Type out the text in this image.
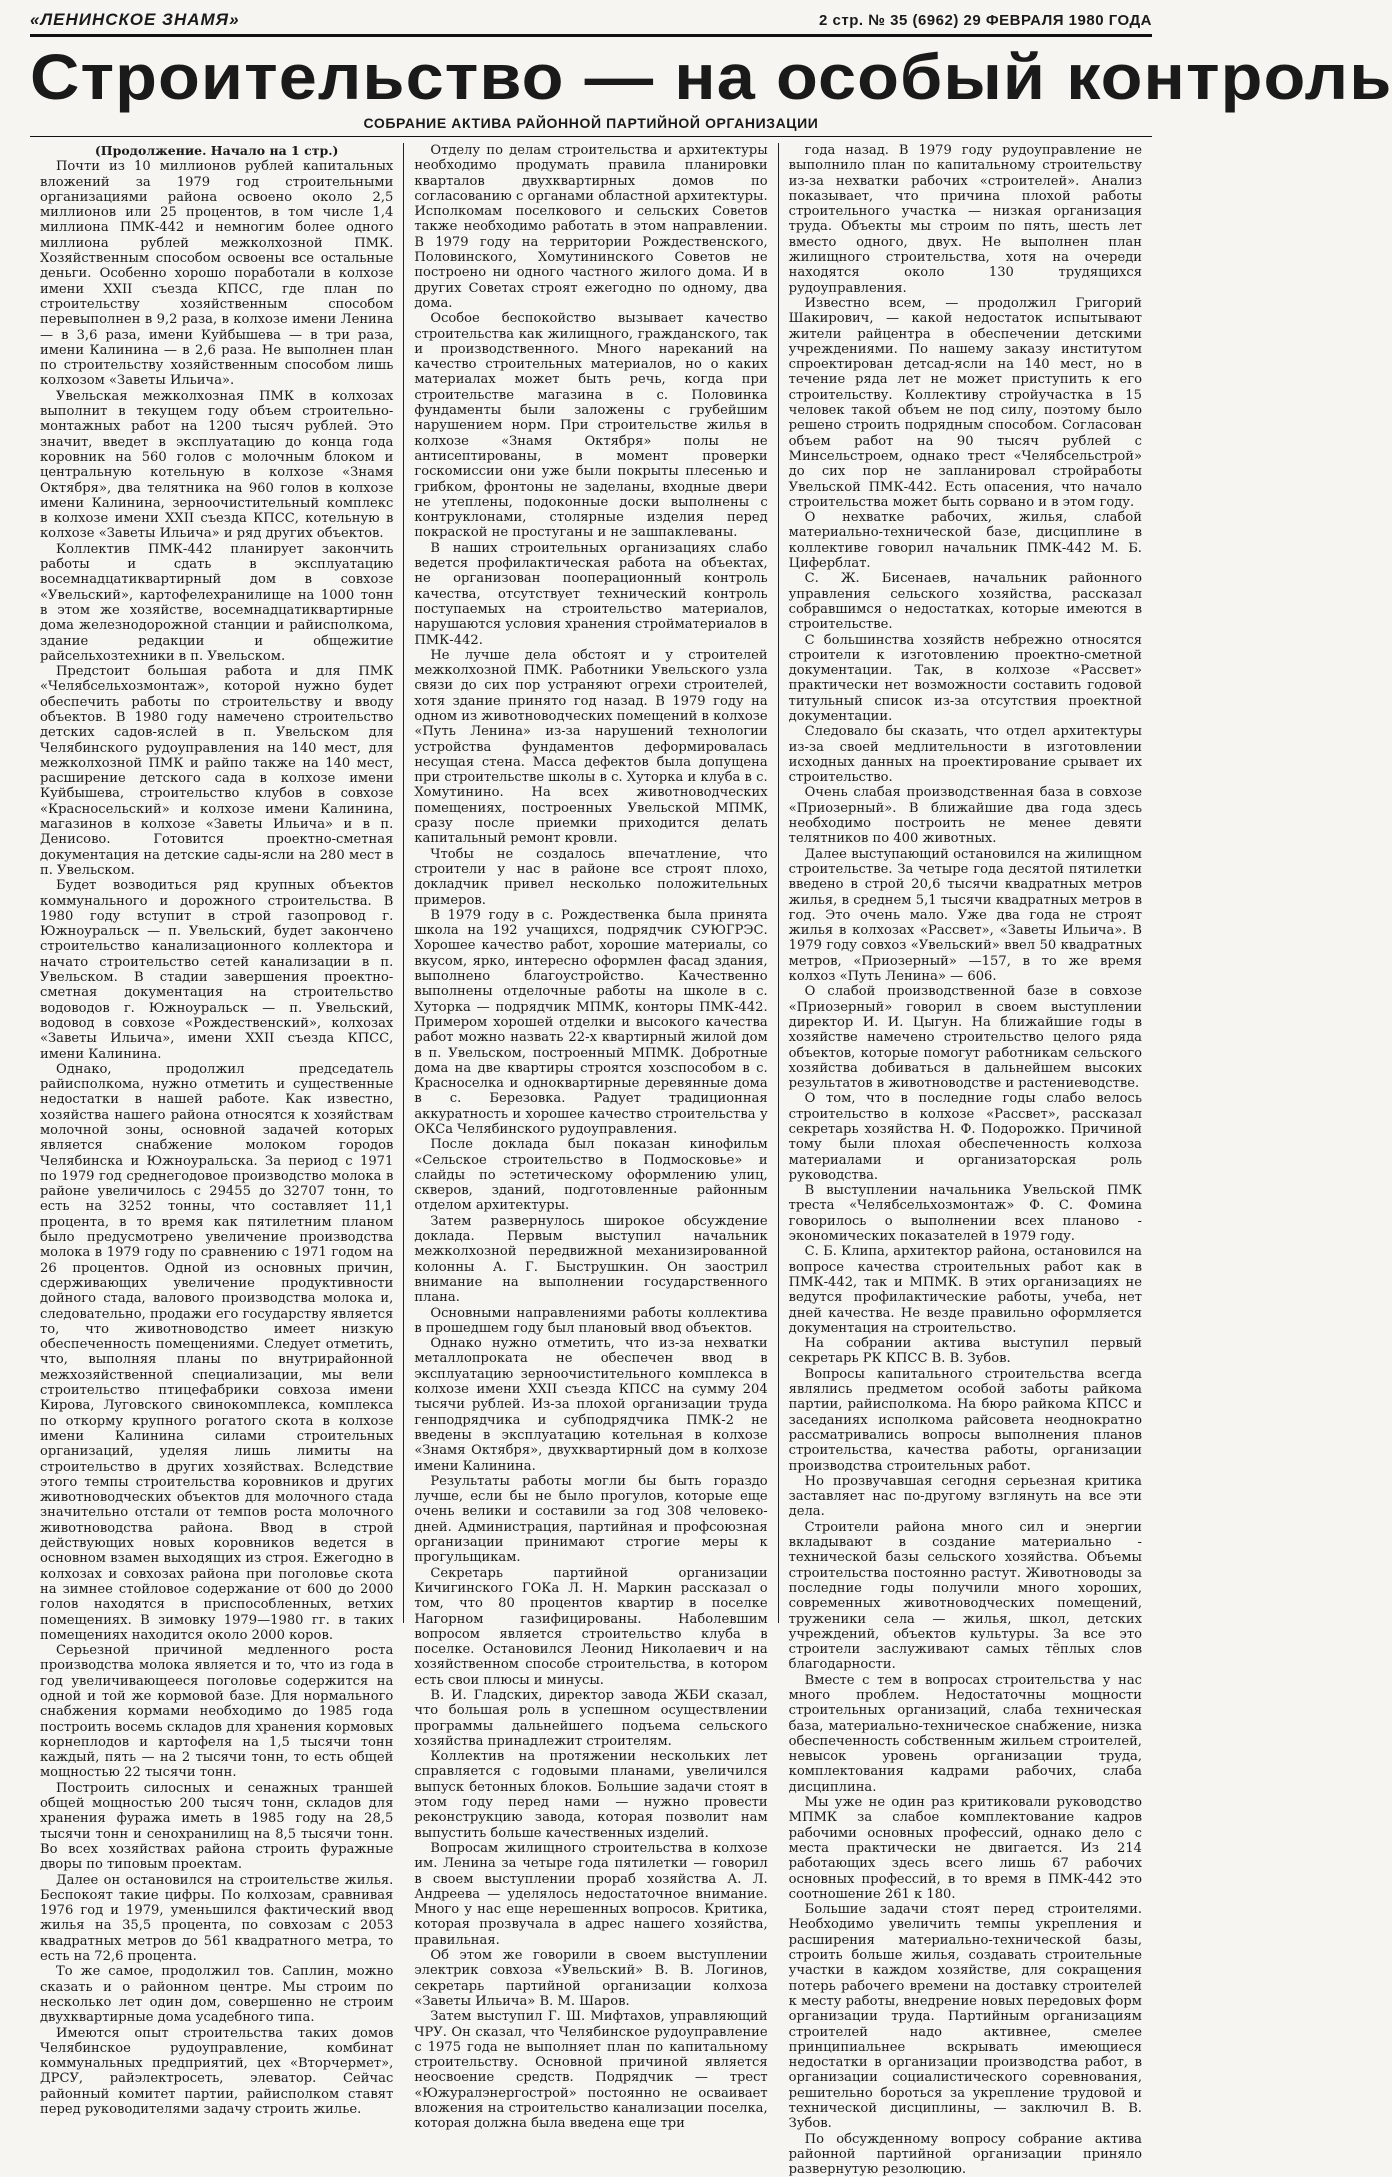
«ЛЕНИНСКОЕ ЗНАМЯ»	2 стр. № 35 (6962) 29 ФЕВРАЛЯ 1980 ГОДА
Строительство — на особый контроль
СОБРАНИЕ АКТИВА РАЙОННОЙ ПАРТИЙНОЙ ОРГАНИЗАЦИИ

(Продолжение. Начало на 1 стр.)

Почти из 10 миллионов рублей капитальных вложений за 1979 год строительными организациями района освоено около 2,5 миллионов или 25 процентов, в том числе 1,4 миллиона ПМК-442 и немногим более одного миллиона рублей межколхозной ПМК. Хозяйственным способом освоены все остальные деньги. Особенно хорошо поработали в колхозе имени XXII съезда КПСС, где план по строительству хозяйственным способом перевыполнен в 9,2 раза, в колхозе имени Ленина — в 3,6 раза, имени Куйбышева — в три раза, имени Калинина — в 2,6 раза. Не выполнен план по строительству хозяйственным способом лишь колхозом «Заветы Ильича».

Увельская межколхозная ПМК в колхозах выполнит в текущем году объем строительно-монтажных работ на 1200 тысяч рублей. Это значит, введет в эксплуатацию до конца года коровник на 560 голов с молочным блоком и центральную котельную в колхозе «Знамя Октября», два телятника на 960 голов в колхозе имени Калинина, зерноочистительный комплекс в колхозе имени XXII съезда КПСС, котельную в колхозе «Заветы Ильича» и ряд других объектов.

Коллектив ПМК-442 планирует закончить работы и сдать в эксплуатацию восемнадцатиквартирный дом в совхозе «Увельский», картофелехранилище на 1000 тонн в этом же хозяйстве, восемнадцатиквартирные дома железнодорожной станции и райисполкома, здание редакции и общежитие райсельхозтехники в п. Увельском.

Предстоит большая работа и для ПМК «Челябсельхозмонтаж», которой нужно будет обеспечить работы по строительству и вводу объектов. В 1980 году намечено строительство детских садов-яслей в п. Увельском для Челябинского рудоуправления на 140 мест, для межколхозной ПМК и райпо также на 140 мест, расширение детского сада в колхозе имени Куйбышева, строительство клубов в совхозе «Красносельский» и колхозе имени Калинина, магазинов в колхозе «Заветы Ильича» и в п. Денисово. Готовится проектно-сметная документация на детские сады-ясли на 280 мест в п. Увельском.

Будет возводиться ряд крупных объектов коммунального и дорожного строительства. В 1980 году вступит в строй газопровод г. Южноуральск — п. Увельский, будет закончено строительство канализационного коллектора и начато строительство сетей канализации в п. Увельском. В стадии завершения проектно-сметная документация на строительство водоводов г. Южноуральск — п. Увельский, водовод в совхозе «Рождественский», колхозах «Заветы Ильича», имени XXII съезда КПСС, имени Калинина.

Однако, продолжил председатель райисполкома, нужно отметить и существенные недостатки в нашей работе. Как известно, хозяйства нашего района относятся к хозяйствам молочной зоны, основной задачей которых является снабжение молоком городов Челябинска и Южноуральска. За период с 1971 по 1979 год среднегодовое производство молока в районе увеличилось с 29455 до 32707 тонн, то есть на 3252 тонны, что составляет 11,1 процента, в то время как пятилетним планом было предусмотрено увеличение производства молока в 1979 году по сравнению с 1971 годом на 26 процентов. Одной из основных причин, сдерживающих увеличение продуктивности дойного стада, валового производства молока и, следовательно, продажи его государству является то, что животноводство имеет низкую обеспеченность помещениями. Следует отметить, что, выполняя планы по внутрирайонной межхозяйственной специализации, мы вели строительство птицефабрики совхоза имени Кирова, Луговского свинокомплекса, комплекса по откорму крупного рогатого скота в колхозе имени Калинина силами строительных организаций, уделяя лишь лимиты на строительство в других хозяйствах. Вследствие этого темпы строительства коровников и других животноводческих объектов для молочного стада значительно отстали от темпов роста молочного животноводства района. Ввод в строй действующих новых коровников ведется в основном взамен выходящих из строя. Ежегодно в колхозах и совхозах района при поголовье скота на зимнее стойловое содержание от 600 до 2000 голов находятся в приспособленных, ветхих помещениях. В зимовку 1979—1980 гг. в таких помещениях находится около 2000 коров.

Серьезной причиной медленного роста производства молока является и то, что из года в год увеличивающееся поголовье содержится на одной и той же кормовой базе. Для нормального снабжения кормами необходимо до 1985 года построить восемь складов для хранения кормовых корнеплодов и картофеля на 1,5 тысячи тонн каждый, пять — на 2 тысячи тонн, то есть общей мощностью 22 тысячи тонн.

Построить силосных и сенажных траншей общей мощностью 200 тысяч тонн, складов для хранения фуража иметь в 1985 году на 28,5 тысячи тонн и сенохранилищ на 8,5 тысячи тонн. Во всех хозяйствах района строить фуражные дворы по типовым проектам.

Далее он остановился на строительстве жилья. Беспокоят такие цифры. По колхозам, сравнивая 1976 год и 1979, уменьшился фактический ввод жилья на 35,5 процента, по совхозам с 2053 квадратных метров до 561 квадратного метра, то есть на 72,6 процента.

То же самое, продолжил тов. Саплин, можно сказать и о районном центре. Мы строим по несколько лет один дом, совершенно не строим двухквартирные дома усадебного типа.

Имеются опыт строительства таких домов Челябинское рудоуправление, комбинат коммунальных предприятий, цех «Вторчермет», ДРСУ, райэлектросеть, элеватор. Сейчас районный комитет партии, райисполком ставят перед руководителями задачу строить жилье.

Отделу по делам строительства и архитектуры необходимо продумать правила планировки кварталов двухквартирных домов по согласованию с органами областной архитектуры. Исполкомам поселкового и сельских Советов также необходимо работать в этом направлении. В 1979 году на территории Рождественского, Половинского, Хомутининского Советов не построено ни одного частного жилого дома. И в других Советах строят ежегодно по одному, два дома.

Особое беспокойство вызывает качество строительства как жилищного, гражданского, так и производственного. Много нареканий на качество строительных материалов, но о каких материалах может быть речь, когда при строительстве магазина в с. Половинка фундаменты были заложены с грубейшим нарушением норм. При строительстве жилья в колхозе «Знамя Октября» полы не антисептированы, в момент проверки госкомиссии они уже были покрыты плесенью и грибком, фронтоны не заделаны, входные двери не утеплены, подоконные доски выполнены с контруклонами, столярные изделия перед покраской не простуганы и не зашпаклеваны.

В наших строительных организациях слабо ведется профилактическая работа на объектах, не организован пооперационный контроль качества, отсутствует технический контроль поступаемых на строительство материалов, нарушаются условия хранения стройматериалов в ПМК-442.

Не лучше дела обстоят и у строителей межколхозной ПМК. Работники Увельского узла связи до сих пор устраняют огрехи строителей, хотя здание принято год назад. В 1979 году на одном из животноводческих помещений в колхозе «Путь Ленина» из-за нарушений технологии устройства фундаментов деформировалась несущая стена. Масса дефектов была допущена при строительстве школы в с. Хуторка и клуба в с. Хомутинино. На всех животноводческих помещениях, построенных Увельской МПМК, сразу после приемки приходится делать капитальный ремонт кровли.

Чтобы не создалось впечатление, что строители у нас в районе все строят плохо, докладчик привел несколько положительных примеров.

В 1979 году в с. Рождественка была принята школа на 192 учащихся, подрядчик СУЮГРЭС. Хорошее качество работ, хорошие материалы, со вкусом, ярко, интересно оформлен фасад здания, выполнено благоустройство. Качественно выполнены отделочные работы на школе в с. Хуторка — подрядчик МПМК, конторы ПМК-442. Примером хорошей отделки и высокого качества работ можно назвать 22-х квартирный жилой дом в п. Увельском, построенный МПМК. Добротные дома на две квартиры строятся хозспособом в с. Красноселка и одноквартирные деревянные дома в с. Березовка. Радует традиционная аккуратность и хорошее качество строительства у ОКСа Челябинского рудоуправления.

После доклада был показан кинофильм «Сельское строительство в Подмосковье» и слайды по эстетическому оформлению улиц, скверов, зданий, подготовленные районным отделом архитектуры.

Затем развернулось широкое обсуждение доклада. Первым выступил начальник межколхозной передвижной механизированной колонны А. Г. Быструшкин. Он заострил внимание на выполнении государственного плана.

Основными направлениями работы коллектива в прошедшем году был плановый ввод объектов.

Однако нужно отметить, что из-за нехватки металлопроката не обеспечен ввод в эксплуатацию зерноочистительного комплекса в колхозе имени XXII съезда КПСС на сумму 204 тысячи рублей. Из-за плохой организации труда генподрядчика и субподрядчика ПМК-2 не введены в эксплуатацию котельная в колхозе «Знамя Октября», двухквартирный дом в колхозе имени Калинина.

Результаты работы могли бы быть гораздо лучше, если бы не было прогулов, которые еще очень велики и составили за год 308 человеко-дней. Администрация, партийная и профсоюзная организации принимают строгие меры к прогульщикам.

Секретарь партийной организации Кичигинского ГОКа Л. Н. Маркин рассказал о том, что 80 процентов квартир в поселке Нагорном газифицированы. Наболевшим вопросом является строительство клуба в поселке. Остановился Леонид Николаевич и на хозяйственном способе строительства, в котором есть свои плюсы и минусы.

В. И. Гладских, директор завода ЖБИ сказал, что большая роль в успешном осуществлении программы дальнейшего подъема сельского хозяйства принадлежит строителям.

Коллектив на протяжении нескольких лет справляется с годовыми планами, увеличился выпуск бетонных блоков. Большие задачи стоят в этом году перед нами — нужно провести реконструкцию завода, которая позволит нам выпустить больше качественных изделий.

Вопросам жилищного строительства в колхозе им. Ленина за четыре года пятилетки — говорил в своем выступлении прораб хозяйства А. Л. Андреева — уделялось недостаточное внимание. Много у нас еще нерешенных вопросов. Критика, которая прозвучала в адрес нашего хозяйства, правильная.

Об этом же говорили в своем выступлении электрик совхоза «Увельский» В. В. Логинов, секретарь партийной организации колхоза «Заветы Ильича» В. М. Шаров.

Затем выступил Г. Ш. Мифтахов, управляющий ЧРУ. Он сказал, что Челябинское рудоуправление с 1975 года не выполняет план по капитальному строительству. Основной причиной является неосвоение средств. Подрядчик — трест «Южуралэнергострой» постоянно не осваивает вложения на строительство канализации поселка, которая должна была введена еще три

года назад. В 1979 году рудоуправление не выполнило план по капитальному строительству из-за нехватки рабочих «строителей». Анализ показывает, что причина плохой работы строительного участка — низкая организация труда. Объекты мы строим по пять, шесть лет вместо одного, двух. Не выполнен план жилищного строительства, хотя на очереди находятся около 130 трудящихся рудоуправления.

Известно всем, — продолжил Григорий Шакирович, — какой недостаток испытывают жители райцентра в обеспечении детскими учреждениями. По нашему заказу институтом спроектирован детсад-ясли на 140 мест, но в течение ряда лет не может приступить к его строительству. Коллективу стройучастка в 15 человек такой объем не под силу, поэтому было решено строить подрядным способом. Согласован объем работ на 90 тысяч рублей с Минсельстроем, однако трест «Челябсельстрой» до сих пор не запланировал стройработы Увельской ПМК-442. Есть опасения, что начало строительства может быть сорвано и в этом году.

О нехватке рабочих, жилья, слабой материально-технической базе, дисциплине в коллективе говорил начальник ПМК-442 М. Б. Циферблат.

С. Ж. Бисенаев, начальник районного управления сельского хозяйства, рассказал собравшимся о недостатках, которые имеются в строительстве.

С большинства хозяйств небрежно относятся строители к изготовлению проектно-сметной документации. Так, в колхозе «Рассвет» практически нет возможности составить годовой титульный список из-за отсутствия проектной документации.

Следовало бы сказать, что отдел архитектуры из-за своей медлительности в изготовлении исходных данных на проектирование срывает их строительство.

Очень слабая производственная база в совхозе «Приозерный». В ближайшие два года здесь необходимо построить не менее девяти телятников по 400 животных.

Далее выступающий остановился на жилищном строительстве. За четыре года десятой пятилетки введено в строй 20,6 тысячи квадратных метров жилья, в среднем 5,1 тысячи квадратных метров в год. Это очень мало. Уже два года не строят жилья в колхозах «Рассвет», «Заветы Ильича». В 1979 году совхоз «Увельский» ввел 50 квадратных метров, «Приозерный» —157, в то же время колхоз «Путь Ленина» — 606.

О слабой производственной базе в совхозе «Приозерный» говорил в своем выступлении директор И. И. Цыгун. На ближайшие годы в хозяйстве намечено строительство целого ряда объектов, которые помогут работникам сельского хозяйства добиваться в дальнейшем высоких результатов в животноводстве и растениеводстве.

О том, что в последние годы слабо велось строительство в колхозе «Рассвет», рассказал секретарь хозяйства Н. Ф. Подорожко. Причиной тому были плохая обеспеченность колхоза материалами и организаторская роль руководства.

В выступлении начальника Увельской ПМК треста «Челябсельхозмонтаж» Ф. С. Фомина говорилось о выполнении всех планово - экономических показателей в 1979 году.

С. Б. Клипа, архитектор района, остановился на вопросе качества строительных работ как в ПМК-442, так и МПМК. В этих организациях не ведутся профилактические работы, учеба, нет дней качества. Не везде правильно оформляется документация на строительство.

На собрании актива выступил первый секретарь РК КПСС В. В. Зубов.

Вопросы капитального строительства всегда являлись предметом особой заботы райкома партии, райисполкома. На бюро райкома КПСС и заседаниях исполкома райсовета неоднократно рассматривались вопросы выполнения планов строительства, качества работы, организации производства строительных работ.

Но прозвучавшая сегодня серьезная критика заставляет нас по-другому взглянуть на все эти дела.

Строители района много сил и энергии вкладывают в создание материально - технической базы сельского хозяйства. Объемы строительства постоянно растут. Животноводы за последние годы получили много хороших, современных животноводческих помещений, труженики села — жилья, школ, детских учреждений, объектов культуры. За все это строители заслуживают самых тёплых слов благодарности.

Вместе с тем в вопросах строительства у нас много проблем. Недостаточны мощности строительных организаций, слаба техническая база, материально-техническое снабжение, низка обеспеченность собственным жильем строителей, невысок уровень организации труда, комплектования кадрами рабочих, слаба дисциплина.

Мы уже не один раз критиковали руководство МПМК за слабое комплектование кадров рабочими основных профессий, однако дело с места практически не двигается. Из 214 работающих здесь всего лишь 67 рабочих основных профессий, в то время в ПМК-442 это соотношение 261 к 180.

Большие задачи стоят перед строителями. Необходимо увеличить темпы укрепления и расширения материально-технической базы, строить больше жилья, создавать строительные участки в каждом хозяйстве, для сокращения потерь рабочего времени на доставку строителей к месту работы, внедрение новых передовых форм организации труда. Партийным организациям строителей надо активнее, смелее принципиальнее вскрывать имеющиеся недостатки в организации производства работ, в организации социалистического соревнования, решительно бороться за укрепление трудовой и технической дисциплины, — заключил В. В. Зубов.

По обсужденному вопросу собрание актива районной партийной организации приняло развернутую резолюцию.
